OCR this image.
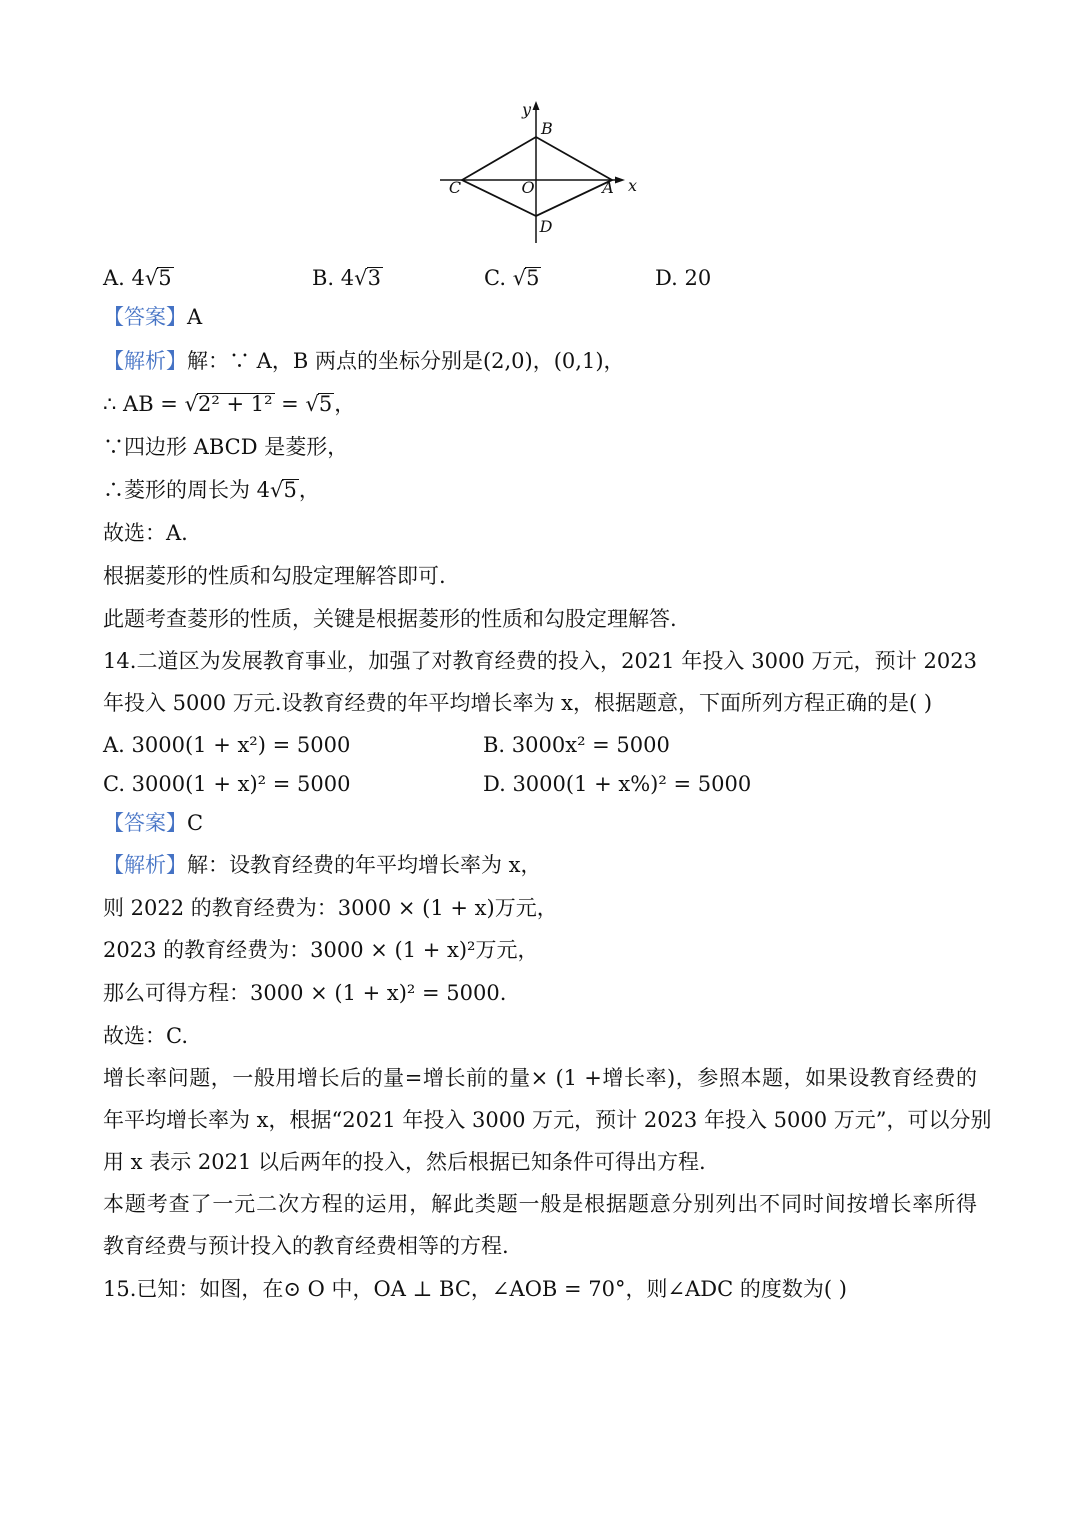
y
B
C	O	A x
D
A. 4√5	B. 4√3	C. √5	D. 20
【答案】A
【解析】解：∵ A，B 两点的坐标分别是(2,0)，(0,1)，
∴ AB = √2² + 1² = √5，
∵四边形 ABCD 是菱形，
∴菱形的周长为 4√5，
故选：A.
根据菱形的性质和勾股定理解答即可.
此题考查菱形的性质，关键是根据菱形的性质和勾股定理解答.
14.二道区为发展教育事业，加强了对教育经费的投入，2021 年投入 3000 万元，预计 2023
年投入 5000 万元.设教育经费的年平均增长率为 x，根据题意，下面所列方程正确的是( )
A. 3000(1 + x²) = 5000	B. 3000x² = 5000
C. 3000(1 + x)² = 5000	D. 3000(1 + x%)² = 5000
【答案】C
【解析】解：设教育经费的年平均增长率为 x，
则 2022 的教育经费为：3000 × (1 + x)万元，
2023 的教育经费为：3000 × (1 + x)²万元，
那么可得方程：3000 × (1 + x)² = 5000.
故选：C.
增长率问题，一般用增长后的量=增长前的量× (1 +增长率)，参照本题，如果设教育经费的
年平均增长率为 x，根据“2021 年投入 3000 万元，预计 2023 年投入 5000 万元”，可以分别
用 x 表示 2021 以后两年的投入，然后根据已知条件可得出方程.
本题考查了一元二次方程的运用，解此类题一般是根据题意分别列出不同时间按增长率所得
教育经费与预计投入的教育经费相等的方程.
15.已知：如图，在⊙ O 中，OA ⊥ BC，∠AOB = 70°，则∠ADC 的度数为( )
